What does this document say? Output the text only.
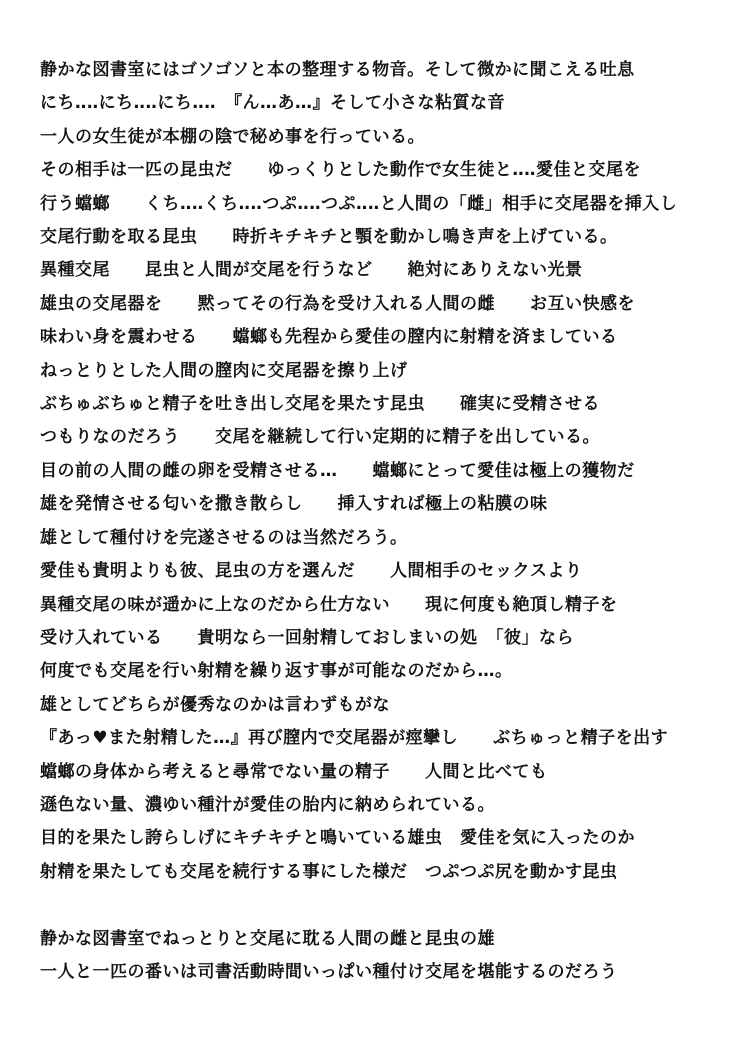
静かな図書室にはゴソゴソと本の整理する物音。そして微かに聞こえる吐息
にち‥‥にち‥‥にち‥‥　『ん…あ…』そして小さな粘質な音
一人の女生徒が本棚の陰で秘め事を行っている。
その相手は一匹の昆虫だ　　ゆっくりとした動作で女生徒と‥‥愛佳と交尾を
行う蟷螂　　くち‥‥くち‥‥つぷ‥‥つぷ‥‥と人間の「雌」相手に交尾器を挿入し
交尾行動を取る昆虫　　時折キチキチと顎を動かし鳴き声を上げている。
異種交尾　　昆虫と人間が交尾を行うなど　　絶対にありえない光景
雄虫の交尾器を　　黙ってその行為を受け入れる人間の雌　　お互い快感を
味わい身を震わせる　　蟷螂も先程から愛佳の膣内に射精を済ましている
ねっとりとした人間の膣肉に交尾器を擦り上げ
ぶちゅぶちゅと精子を吐き出し交尾を果たす昆虫　　確実に受精させる
つもりなのだろう　　交尾を継続して行い定期的に精子を出している。
目の前の人間の雌の卵を受精させる…　　蟷螂にとって愛佳は極上の獲物だ
雄を発情させる匂いを撒き散らし　　挿入すれば極上の粘膜の味
雄として種付けを完遂させるのは当然だろう。
愛佳も貴明よりも彼、昆虫の方を選んだ　　人間相手のセックスより
異種交尾の味が遥かに上なのだから仕方ない　　現に何度も絶頂し精子を
受け入れている　　貴明なら一回射精しておしまいの処　「彼」なら
何度でも交尾を行い射精を繰り返す事が可能なのだから…。
雄としてどちらが優秀なのかは言わずもがな
『あっ♥また射精した…』再び膣内で交尾器が痙攣し　　ぶちゅっと精子を出す
蟷螂の身体から考えると尋常でない量の精子　　人間と比べても
遜色ない量、濃ゆい種汁が愛佳の胎内に納められている。
目的を果たし誇らしげにキチキチと鳴いている雄虫　愛佳を気に入ったのか
射精を果たしても交尾を続行する事にした様だ　つぷつぷ尻を動かす昆虫
静かな図書室でねっとりと交尾に耽る人間の雌と昆虫の雄
一人と一匹の番いは司書活動時間いっぱい種付け交尾を堪能するのだろう
